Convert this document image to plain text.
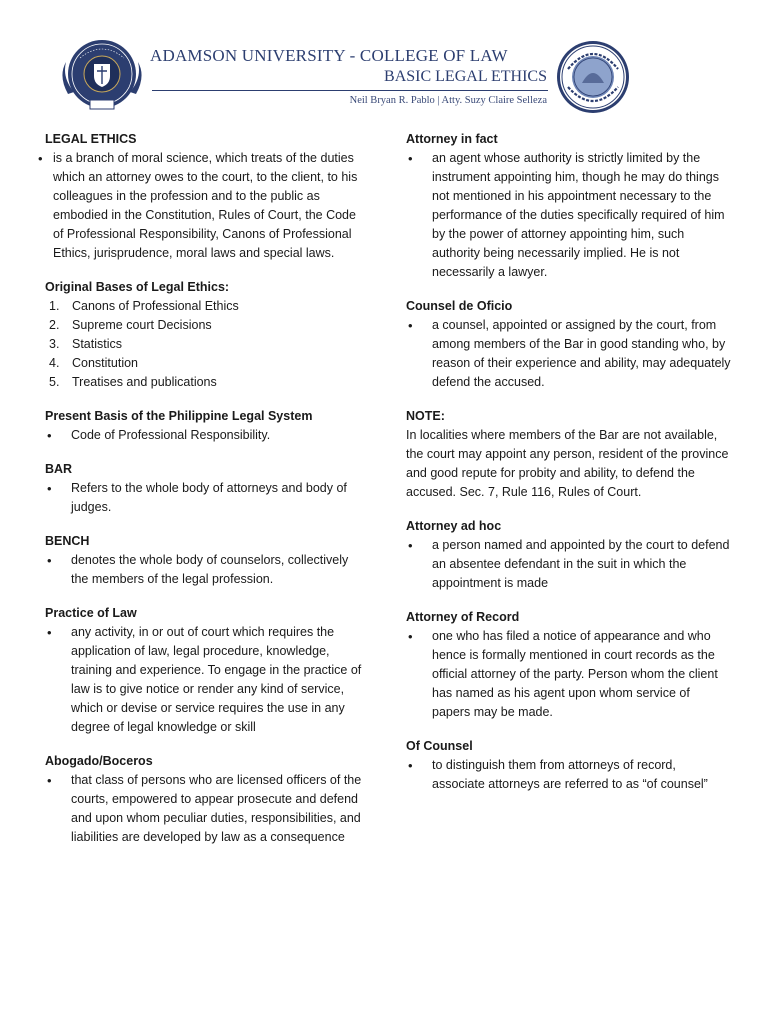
ADAMSON UNIVERSITY - COLLEGE OF LAW
BASIC LEGAL ETHICS
Neil Bryan R. Pablo | Atty. Suzy Claire Selleza
LEGAL ETHICS
• is a branch of moral science, which treats of the duties which an attorney owes to the court, to the client, to his colleagues in the profession and to the public as embodied in the Constitution, Rules of Court, the Code of Professional Responsibility, Canons of Professional Ethics, jurisprudence, moral laws and special laws.
Original Bases of Legal Ethics:
1. Canons of Professional Ethics
2. Supreme court Decisions
3. Statistics
4. Constitution
5. Treatises and publications
Present Basis of the Philippine Legal System
• Code of Professional Responsibility.
BAR
• Refers to the whole body of attorneys and body of judges.
BENCH
• denotes the whole body of counselors, collectively the members of the legal profession.
Practice of Law
• any activity, in or out of court which requires the application of law, legal procedure, knowledge, training and experience. To engage in the practice of law is to give notice or render any kind of service, which or devise or service requires the use in any degree of legal knowledge or skill
Abogado/Boceros
• that class of persons who are licensed officers of the courts, empowered to appear prosecute and defend and upon whom peculiar duties, responsibilities, and liabilities are developed by law as a consequence
Attorney in fact
• an agent whose authority is strictly limited by the instrument appointing him, though he may do things not mentioned in his appointment necessary to the performance of the duties specifically required of him by the power of attorney appointing him, such authority being necessarily implied. He is not necessarily a lawyer.
Counsel de Oficio
• a counsel, appointed or assigned by the court, from among members of the Bar in good standing who, by reason of their experience and ability, may adequately defend the accused.
NOTE:
In localities where members of the Bar are not available, the court may appoint any person, resident of the province and good repute for probity and ability, to defend the accused. Sec. 7, Rule 116, Rules of Court.
Attorney ad hoc
• a person named and appointed by the court to defend an absentee defendant in the suit in which the appointment is made
Attorney of Record
• one who has filed a notice of appearance and who hence is formally mentioned in court records as the official attorney of the party. Person whom the client has named as his agent upon whom service of papers may be made.
Of Counsel
• to distinguish them from attorneys of record, associate attorneys are referred to as “of counsel”
